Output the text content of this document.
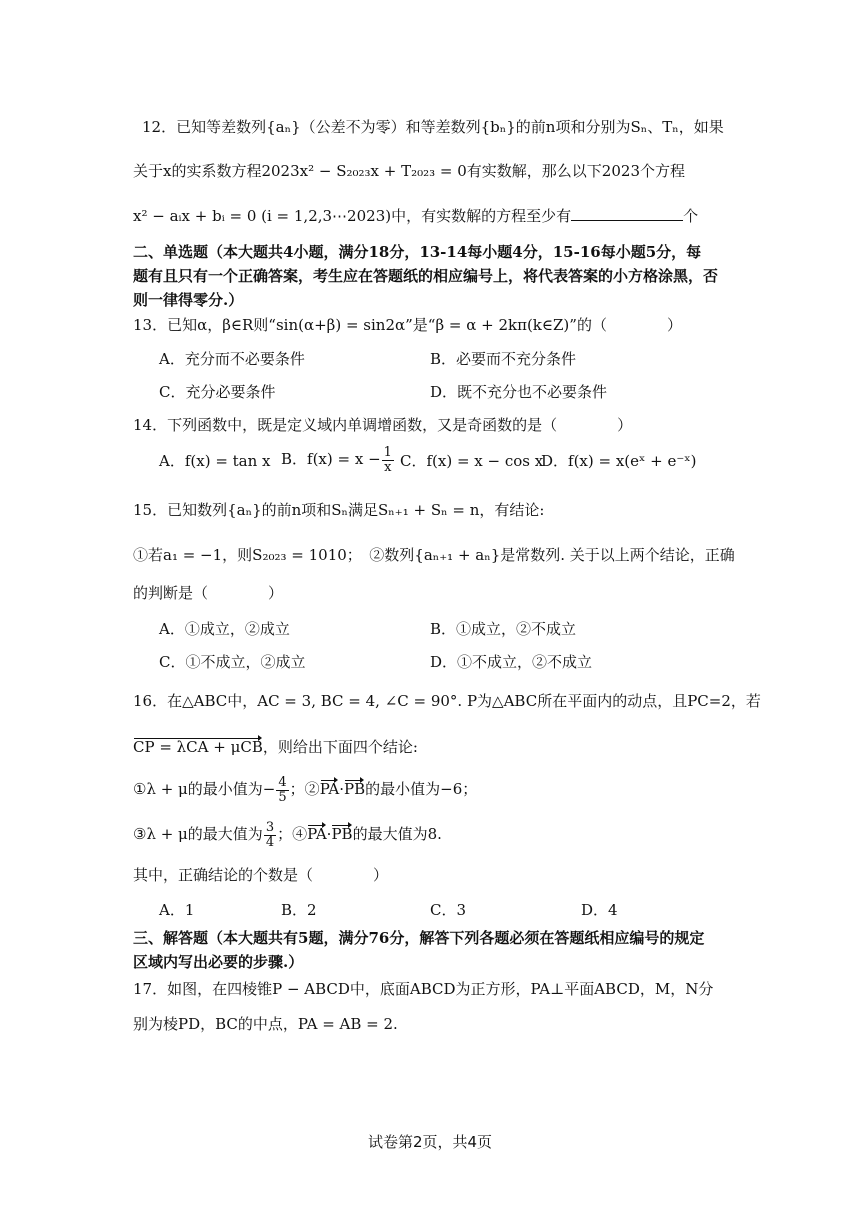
12．已知等差数列{aₙ}（公差不为零）和等差数列{bₙ}的前n项和分别为Sₙ、Tₙ，如果
关于x的实系数方程2023x² − S₂₀₂₃x + T₂₀₂₃ = 0有实数解，那么以下2023个方程
x² − aᵢx + bᵢ = 0 (i = 1,2,3⋯2023)中，有实数解的方程至少有	个
二、单选题（本大题共4小题，满分18分，13-14每小题4分，15-16每小题5分，每
题有且只有一个正确答案，考生应在答题纸的相应编号上，将代表答案的小方格涂黑，否
则一律得零分.）
13．已知α，β∈R则“sin(α+β) = sin2α”是“β = α + 2kπ(k∈Z)”的（　　　　）
A．充分而不必要条件	B．必要而不充分条件
C．充分必要条件	D．既不充分也不必要条件
14．下列函数中，既是定义域内单调增函数，又是奇函数的是（　　　　）
A．f(x) = tan x B．$f(x) = x - \frac{1}{x}$ C．f(x) = x − cos x
D．f(x) = x(eˣ + e⁻ˣ)
15．已知数列{aₙ}的前n项和Sₙ满足Sₙ₊₁ + Sₙ = n，有结论:
①若a₁ = −1，则S₂₀₂₃ = 1010；　②数列{aₙ₊₁ + aₙ}是常数列. 关于以上两个结论，正确
的判断是（　　　　）
A．①成立，②成立	B．①成立，②不成立
C．①不成立，②成立	D．①不成立，②不成立
16．在△ABC中，AC = 3, BC = 4, ∠C = 90°. P为△ABC所在平面内的动点，且PC=2，若
CP = λCA + μCB，则给出下面四个结论:
①λ + μ的最小值为− $\frac{4}{5}$ ；②PA·PB的最小值为−6；
③λ + μ的最大值为 $\frac{3}{4}$ ；④PA·PB的最大值为8.
其中，正确结论的个数是（　　　　）
A．1	B．2	C．3	D．4
三、解答题（本大题共有5题，满分76分，解答下列各题必须在答题纸相应编号的规定
区域内写出必要的步骤.）
17．如图，在四棱锥P − ABCD中，底面ABCD为正方形，PA⊥平面ABCD，M，N分
别为棱PD，BC的中点，PA = AB = 2.
试卷第2页，共4页
